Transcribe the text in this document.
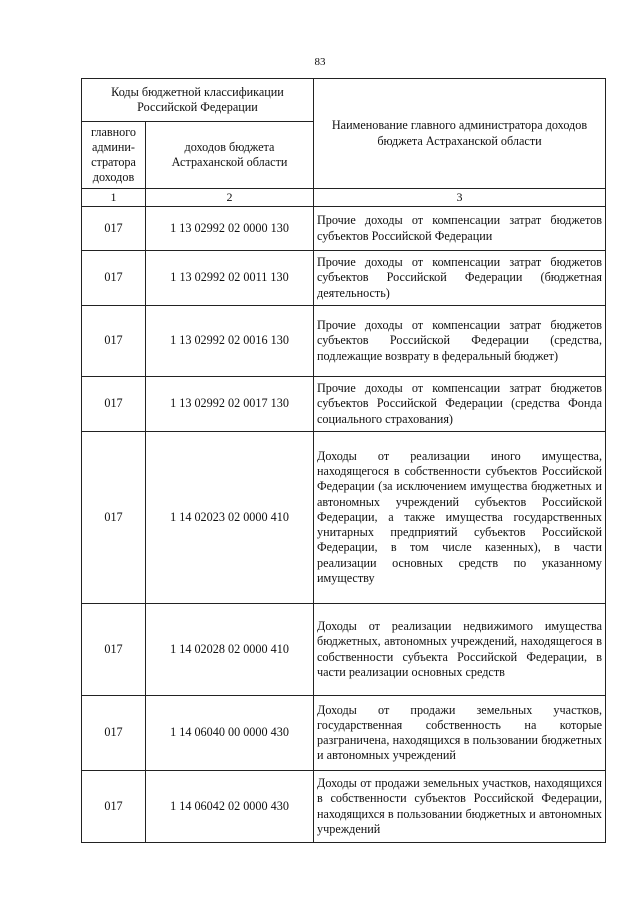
83
Коды бюджетной классификации Российской Федерации		Наименование главного администратора доходов бюджета Астраханской области
главного админи- стратора доходов	доходов бюджета Астраханской области	
1	2	3
017	1 13 02992 02 0000 130	Прочие доходы от компенсации затрат бюджетов субъектов Российской Федерации
017	1 13 02992 02 0011 130	Прочие доходы от компенсации затрат бюджетов субъектов Российской Федерации (бюджетная деятельность)
017	1 13 02992 02 0016 130	Прочие доходы от компенсации затрат бюджетов субъектов Российской Федерации (средства, подлежащие возврату в федеральный бюджет)
017	1 13 02992 02 0017 130	Прочие доходы от компенсации затрат бюджетов субъектов Российской Федерации (средства Фонда социального страхования)
017	1 14 02023 02 0000 410	Доходы от реализации иного имущества, находящегося в собственности субъектов Российской Федерации (за исключением имущества бюджетных и автономных учреждений субъектов Российской Федерации, а также имущества государственных унитарных предприятий субъектов Российской Федерации, в том числе казенных), в части реализации основных средств по указанному имуществу
017	1 14 02028 02 0000 410	Доходы от реализации недвижимого имущества бюджетных, автономных учреждений, находящегося в собственности субъекта Российской Федерации, в части реализации основных средств
017	1 14 06040 00 0000 430	Доходы от продажи земельных участков, государственная собственность на которые разграничена, находящихся в пользовании бюджетных и автономных учреждений
017	1 14 06042 02 0000 430	Доходы от продажи земельных участков, находящихся в собственности субъектов Российской Федерации, находящихся в пользовании бюджетных и автономных учреждений
